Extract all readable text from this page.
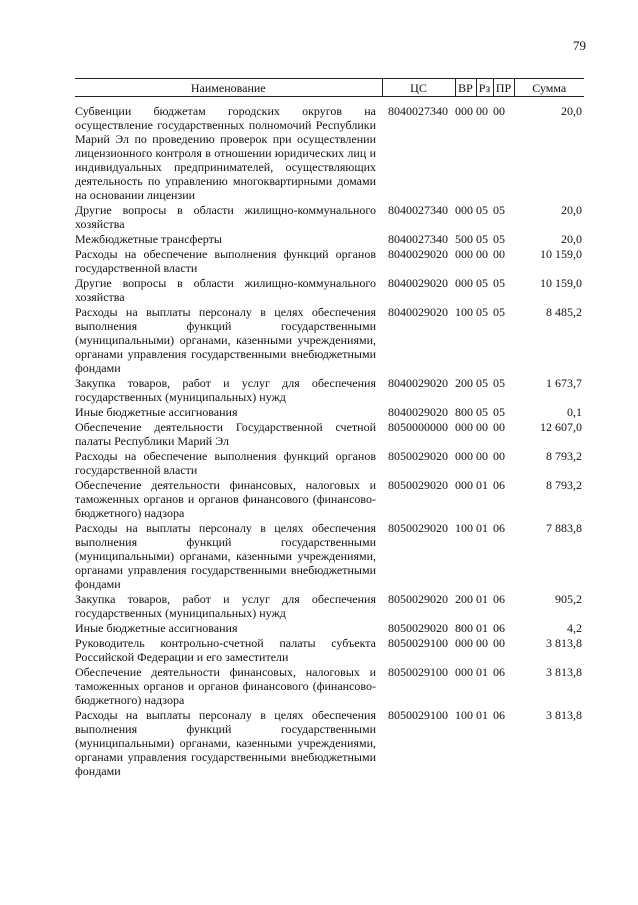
79
Наименование	ЦС	ВР	Рз	ПР	Сумма
Субвенции бюджетам городских округов на осуществление государственных полномочий Республики Марий Эл по проведению проверок при осуществлении лицензионного контроля в отношении юридических лиц и индивидуальных предпринимателей, осуществляющих деятельность по управлению многоквартирными домами на основании лицензии	8040027340	000	00	00	20,0
Другие вопросы в области жилищно-коммунального хозяйства	8040027340	000	05	05	20,0
Межбюджетные трансферты	8040027340	500	05	05	20,0
Расходы на обеспечение выполнения функций органов государственной власти	8040029020	000	00	00	10 159,0
Другие вопросы в области жилищно-коммунального хозяйства	8040029020	000	05	05	10 159,0
Расходы на выплаты персоналу в целях обеспечения выполнения функций государственными (муниципальными) органами, казенными учреждениями, органами управления государственными внебюджетными фондами	8040029020	100	05	05	8 485,2
Закупка товаров, работ и услуг для обеспечения государственных (муниципальных) нужд	8040029020	200	05	05	1 673,7
Иные бюджетные ассигнования	8040029020	800	05	05	0,1
Обеспечение деятельности Государственной счетной палаты Республики Марий Эл	8050000000	000	00	00	12 607,0
Расходы на обеспечение выполнения функций органов государственной власти	8050029020	000	00	00	8 793,2
Обеспечение деятельности финансовых, налоговых и таможенных органов и органов финансового (финансово-бюджетного) надзора	8050029020	000	01	06	8 793,2
Расходы на выплаты персоналу в целях обеспечения выполнения функций государственными (муниципальными) органами, казенными учреждениями, органами управления государственными внебюджетными фондами	8050029020	100	01	06	7 883,8
Закупка товаров, работ и услуг для обеспечения государственных (муниципальных) нужд	8050029020	200	01	06	905,2
Иные бюджетные ассигнования	8050029020	800	01	06	4,2
Руководитель контрольно-счетной палаты субъекта Российской Федерации и его заместители	8050029100	000	00	00	3 813,8
Обеспечение деятельности финансовых, налоговых и таможенных органов и органов финансового (финансово-бюджетного) надзора	8050029100	000	01	06	3 813,8
Расходы на выплаты персоналу в целях обеспечения выполнения функций государственными (муниципальными) органами, казенными учреждениями, органами управления государственными внебюджетными фондами	8050029100	100	01	06	3 813,8
